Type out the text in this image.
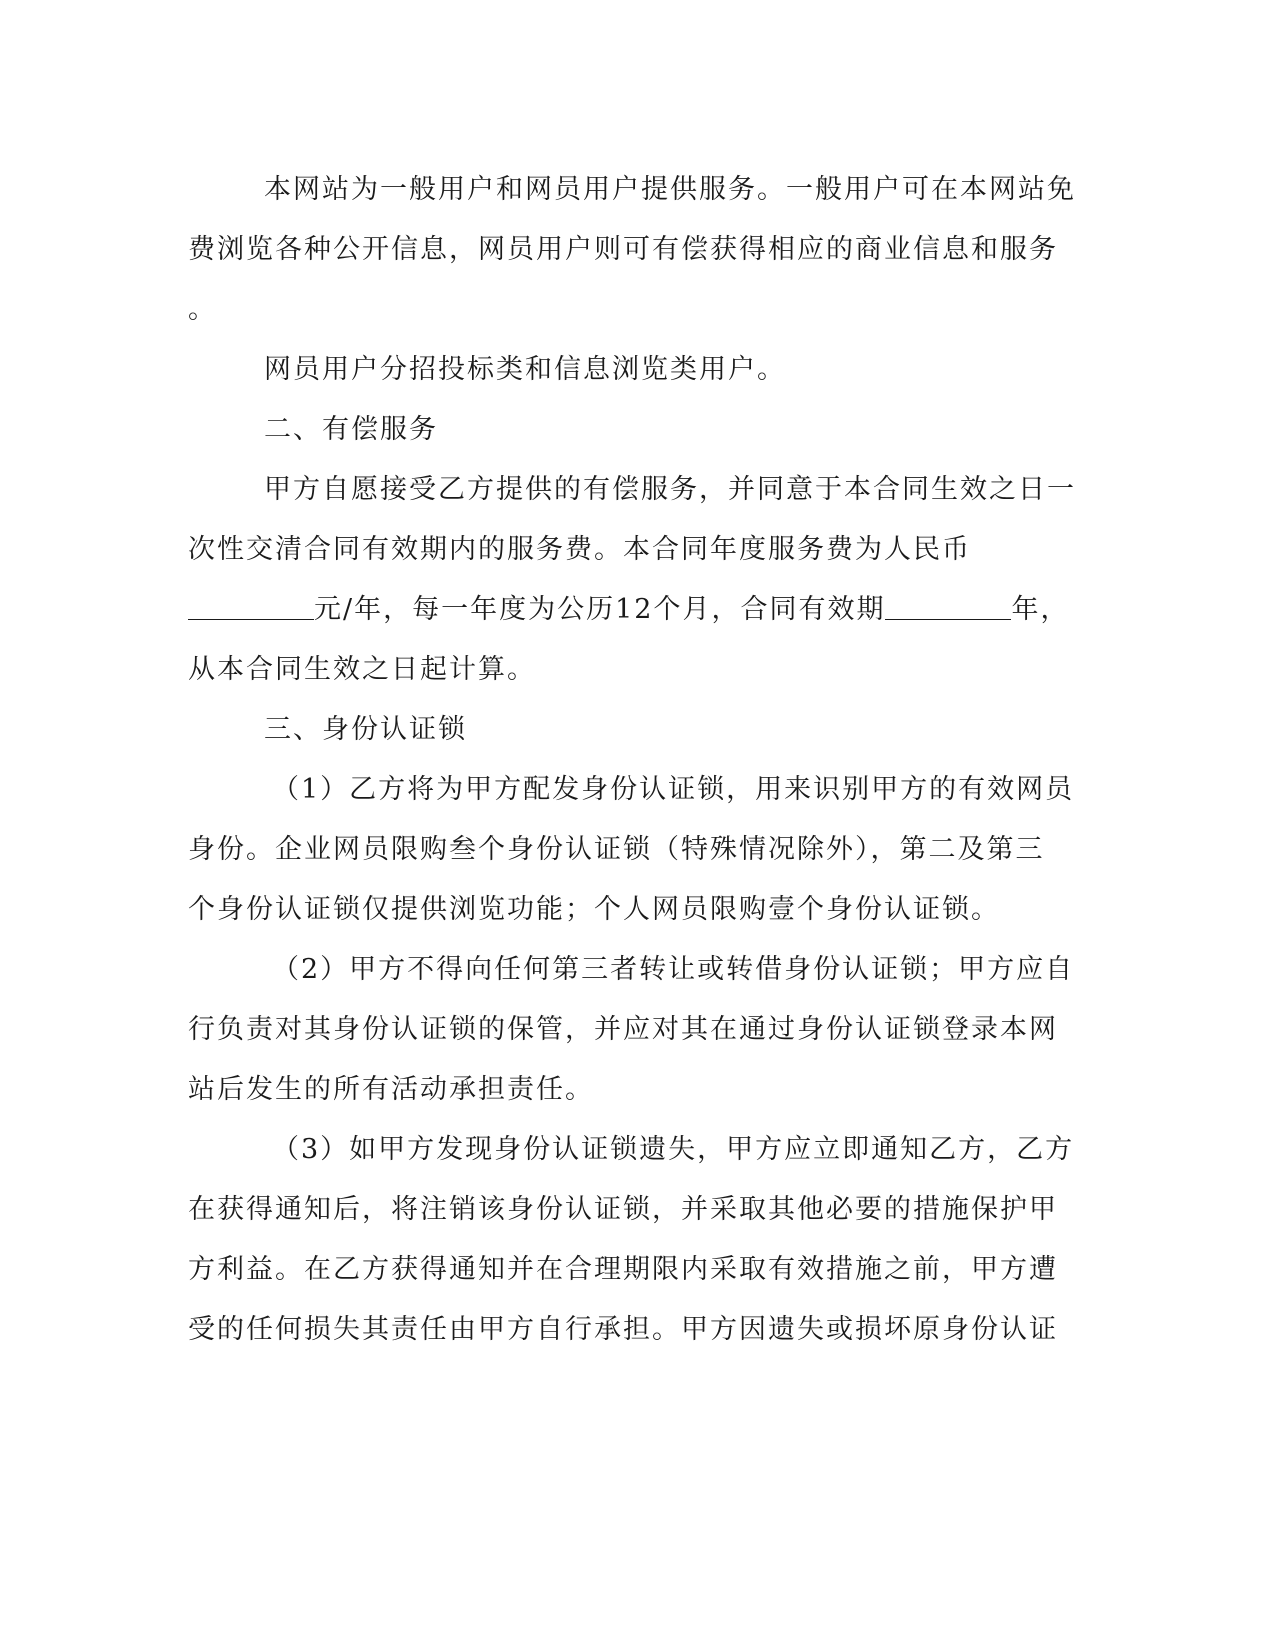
本网站为一般用户和网员用户提供服务。一般用户可在本网站免
费浏览各种公开信息，网员用户则可有偿获得相应的商业信息和服务
。
网员用户分招投标类和信息浏览类用户。
二、有偿服务
甲方自愿接受乙方提供的有偿服务，并同意于本合同生效之日一
次性交清合同有效期内的服务费。本合同年度服务费为人民币
元/年，每一年度为公历12个月，合同有效期	年，
从本合同生效之日起计算。
三、身份认证锁
（1）乙方将为甲方配发身份认证锁，用来识别甲方的有效网员
身份。企业网员限购叁个身份认证锁（特殊情况除外），第二及第三
个身份认证锁仅提供浏览功能；个人网员限购壹个身份认证锁。
（2）甲方不得向任何第三者转让或转借身份认证锁；甲方应自
行负责对其身份认证锁的保管，并应对其在通过身份认证锁登录本网
站后发生的所有活动承担责任。
（3）如甲方发现身份认证锁遗失，甲方应立即通知乙方，乙方
在获得通知后，将注销该身份认证锁，并采取其他必要的措施保护甲
方利益。在乙方获得通知并在合理期限内采取有效措施之前，甲方遭
受的任何损失其责任由甲方自行承担。甲方因遗失或损坏原身份认证
